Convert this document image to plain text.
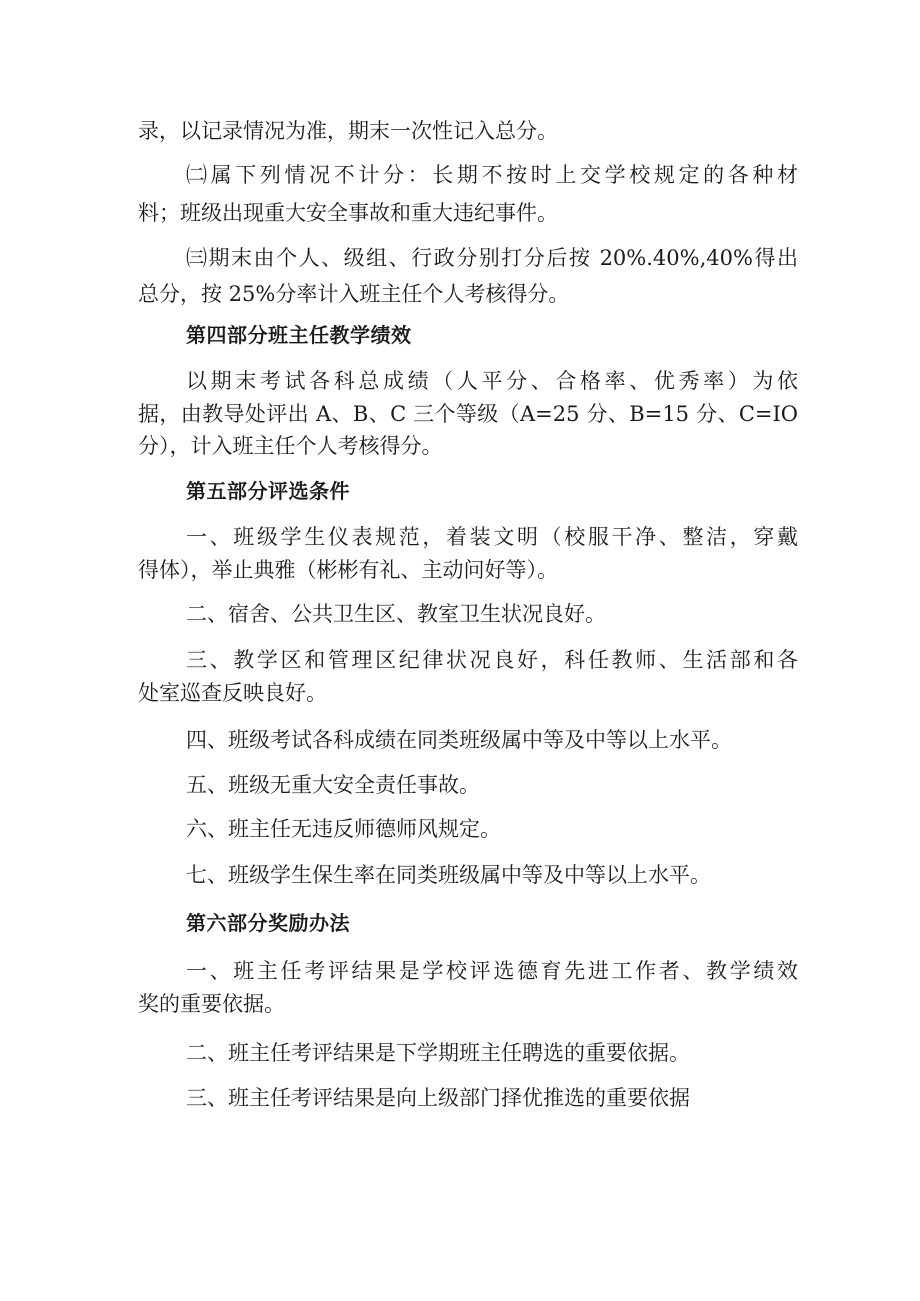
录，以记录情况为准，期末一次性记入总分。
㈡属下列情况不计分：长期不按时上交学校规定的各种材
料；班级出现重大安全事故和重大违纪事件。
㈢期末由个人、级组、行政分别打分后按 20%.40%,40%得出
总分，按 25%分率计入班主任个人考核得分。
第四部分班主任教学绩效
以期末考试各科总成绩（人平分、合格率、优秀率）为依
据，由教导处评出 A、B、C 三个等级（A=25 分、B=15 分、C=IO
分），计入班主任个人考核得分。
第五部分评选条件
一、班级学生仪表规范，着装文明（校服干净、整洁，穿戴
得体），举止典雅（彬彬有礼、主动问好等）。
二、宿舍、公共卫生区、教室卫生状况良好。
三、教学区和管理区纪律状况良好，科任教师、生活部和各
处室巡查反映良好。
四、班级考试各科成绩在同类班级属中等及中等以上水平。
五、班级无重大安全责任事故。
六、班主任无违反师德师风规定。
七、班级学生保生率在同类班级属中等及中等以上水平。
第六部分奖励办法
一、班主任考评结果是学校评选德育先进工作者、教学绩效
奖的重要依据。
二、班主任考评结果是下学期班主任聘选的重要依据。
三、班主任考评结果是向上级部门择优推选的重要依据
